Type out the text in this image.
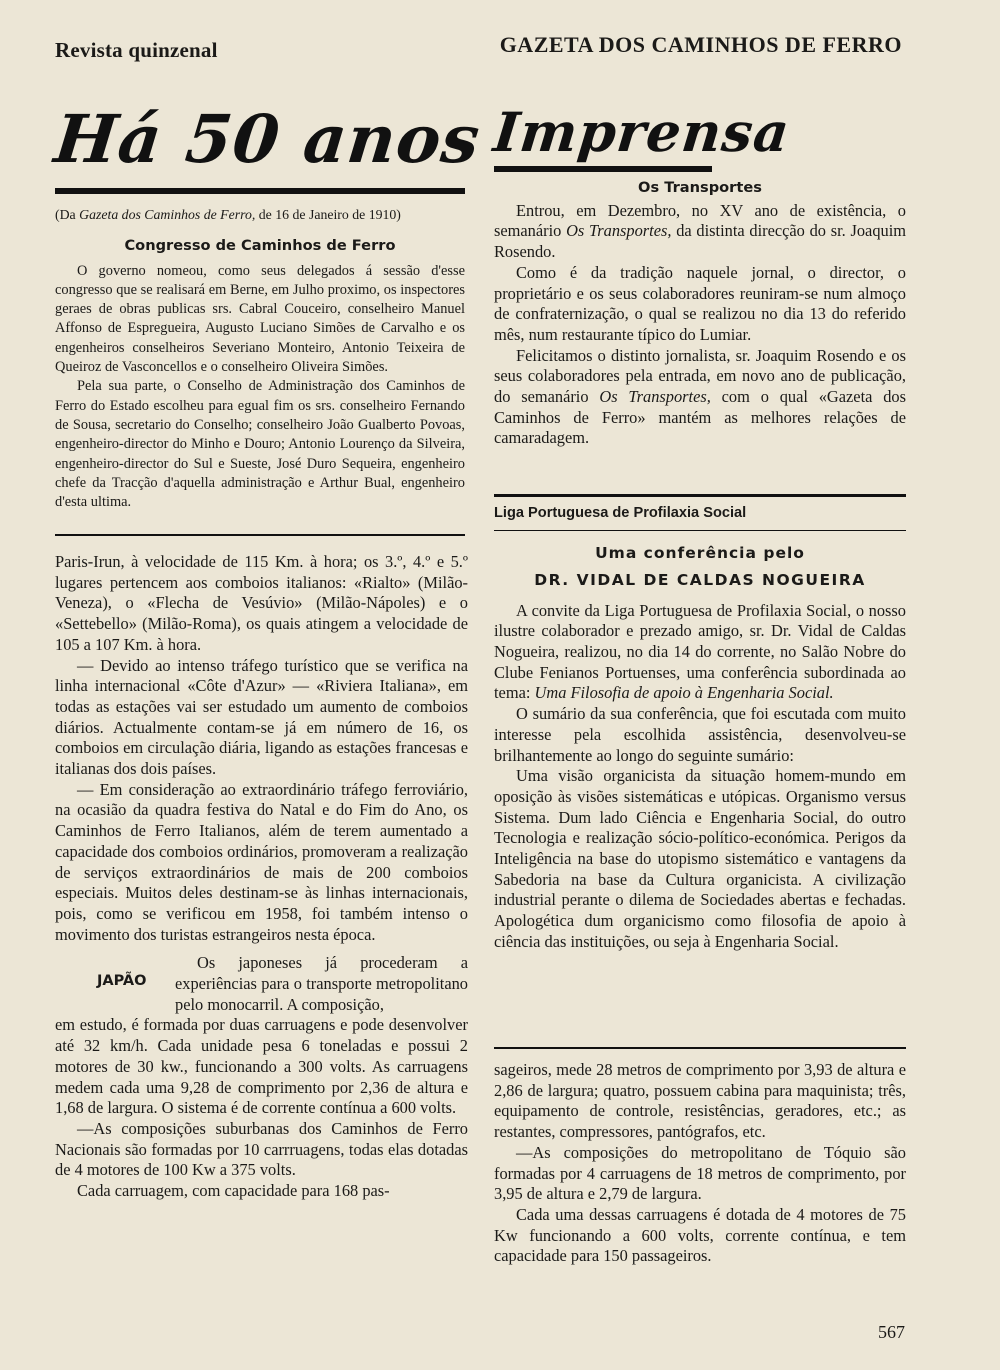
Revista quinzenal	GAZETA DOS CAMINHOS DE FERRO
Há 50 anos Imprensa

(Da Gazeta dos Caminhos de Ferro, de 16 de Janeiro de 1910)

Congresso de Caminhos de Ferro

O governo nomeou, como seus delegados á sessão d'esse congresso que se realisará em Berne, em Julho proximo, os inspectores geraes de obras publicas srs. Cabral Couceiro, conselheiro Manuel Affonso de Espregueira, Augusto Luciano Simões de Carvalho e os engenheiros conselheiros Severiano Monteiro, Antonio Teixeira de Queiroz de Vasconcellos e o conselheiro Oliveira Simões.

Pela sua parte, o Conselho de Administração dos Caminhos de Ferro do Estado escolheu para egual fim os srs. conselheiro Fernando de Sousa, secretario do Conselho; conselheiro João Gualberto Povoas, engenheiro-director do Minho e Douro; Antonio Lourenço da Silveira, engenheiro-director do Sul e Sueste, José Duro Sequeira, engenheiro chefe da Tracção d'aquella administração e Arthur Bual, engenheiro d'esta ultima.

Paris-Irun, à velocidade de 115 Km. à hora; os 3.º, 4.º e 5.º lugares pertencem aos comboios italianos: «Rialto» (Milão-Veneza), o «Flecha de Vesúvio» (Milão-Nápoles) e o «Settebello» (Milão-Roma), os quais atingem a velocidade de 105 a 107 Km. à hora.

— Devido ao intenso tráfego turístico que se verifica na linha internacional «Côte d'Azur» — «Riviera Italiana», em todas as estações vai ser estudado um aumento de comboios diários. Actualmente contam-se já em número de 16, os comboios em circulação diária, ligando as estações francesas e italianas dos dois países.

— Em consideração ao extraordinário tráfego ferroviário, na ocasião da quadra festiva do Natal e do Fim do Ano, os Caminhos de Ferro Italianos, além de terem aumentado a capacidade dos comboios ordinários, promoveram a realização de serviços extraordinários de mais de 200 comboios especiais. Muitos deles destinam-se às linhas internacionais, pois, como se verificou em 1958, foi também intenso o movimento dos turistas estrangeiros nesta época.

JAPÃO

Os japoneses já procederam a experiências para o transporte metropolitano pelo monocarril. A composição,

em estudo, é formada por duas carruagens e pode desenvolver até 32 km/h. Cada unidade pesa 6 toneladas e possui 2 motores de 30 kw., funcionando a 300 volts. As carruagens medem cada uma 9,28 de comprimento por 2,36 de altura e 1,68 de largura. O sistema é de corrente contínua a 600 volts.

—As composições suburbanas dos Caminhos de Ferro Nacionais são formadas por 10 carrruagens, todas elas dotadas de 4 motores de 100 Kw a 375 volts.

Cada carruagem, com capacidade para 168 pas-

Os Transportes

Entrou, em Dezembro, no XV ano de existência, o semanário Os Transportes, da distinta direcção do sr. Joaquim Rosendo.

Como é da tradição naquele jornal, o director, o proprietário e os seus colaboradores reuniram-se num almoço de confraternização, o qual se realizou no dia 13 do referido mês, num restaurante típico do Lumiar.

Felicitamos o distinto jornalista, sr. Joaquim Rosendo e os seus colaboradores pela entrada, em novo ano de publicação, do semanário Os Transportes, com o qual «Gazeta dos Caminhos de Ferro» mantém as melhores relações de camaradagem.

Liga Portuguesa de Profilaxia Social

Uma conferência pelo

DR. VIDAL DE CALDAS NOGUEIRA

A convite da Liga Portuguesa de Profilaxia Social, o nosso ilustre colaborador e prezado amigo, sr. Dr. Vidal de Caldas Nogueira, realizou, no dia 14 do corrente, no Salão Nobre do Clube Fenianos Portuenses, uma conferência subordinada ao tema: Uma Filosofia de apoio à Engenharia Social.

O sumário da sua conferência, que foi escutada com muito interesse pela escolhida assistência, desenvolveu-se brilhantemente ao longo do seguinte sumário:

Uma visão organicista da situação homem-mundo em oposição às visões sistemáticas e utópicas. Organismo versus Sistema. Dum lado Ciência e Engenharia Social, do outro Tecnologia e realização sócio-político-económica. Perigos da Inteligência na base do utopismo sistemático e vantagens da Sabedoria na base da Cultura organicista. A civilização industrial perante o dilema de Sociedades abertas e fechadas. Apologética dum organicismo como filosofia de apoio à ciência das instituições, ou seja à Engenharia Social.

sageiros, mede 28 metros de comprimento por 3,93 de altura e 2,86 de largura; quatro, possuem cabina para maquinista; três, equipamento de controle, resistências, geradores, etc.; as restantes, compressores, pantógrafos, etc.

—As composições do metropolitano de Tóquio são formadas por 4 carruagens de 18 metros de comprimento, por 3,95 de altura e 2,79 de largura.

Cada uma dessas carruagens é dotada de 4 motores de 75 Kw funcionando a 600 volts, corrente contínua, e tem capacidade para 150 passageiros.

567
